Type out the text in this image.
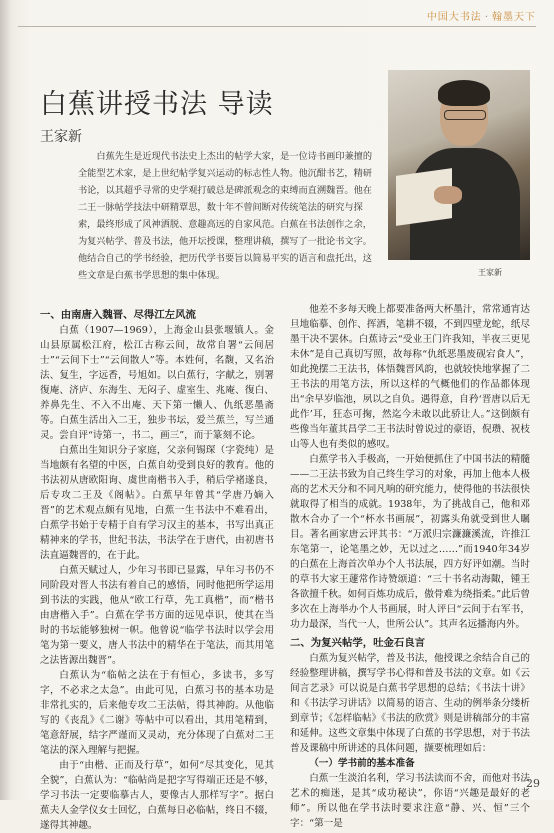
中国大书法 · 翰墨天下
白蕉讲授书法 导读
王家新
王家新

白蕉先生是近现代书法史上杰出的帖学大家，是一位诗书画印兼擅的全能型艺术家，是上世纪帖学复兴运动的标志性人物。他沉酣书艺，精研书论，以其超乎寻常的史学观打破总是碑派观念的束缚而直溯魏晋。他在二王一脉帖学技法中研精覃思，数十年不曾间断对传统笔法的研究与探索，最终形成了风神洒脱、意趣高远的自家风范。白蕉在书法创作之余，为复兴帖学、普及书法，他开坛授课，整理讲稿，撰写了一批论书文字。他结合自己的学书经验，把历代学书要旨以简易平实的语言和盘托出，这些文章是白蕉书学思想的集中体现。

一、由南唐入魏晋、尽得江左风流

白蕉（1907—1969），上海金山县张堰镇人。金山县原属松江府，松江古称云间，故常自署“云间居士”“云间下士”“云间散人”等。本姓何，名馥，又名治法、复生，字远香，号旭如。以白蕉行，字献之，别署復庵、济庐、东海生、无闷子、虚室生、兆庵、復白、养鼻先生、不入不出庵、天下第一懒人、仇纸恶墨斋等。白蕉生活出入二王，独步书坛，爱兰蕉兰，写兰通灵。尝自评“诗第一，书二，画三”，而于篆刻不论。

白蕉出生知识分子家庭，父亲何锡琛（字瓷纯）是当地颇有名望的中医，白蕉自幼受到良好的教育。他的书法初从唐欧阳询、虞世南楷书入手，稍后学褚遂良，后专攻二王及《阁帖》。白蕉早年曾其“学唐乃嫡入晋”的艺术观点颇有见地，白蕉一生书法中不难看出，白蕉学书始于专精于自有学习汉主的基本，书写出真正精神来的学书，世纪书法，书法学在于唐代，由初唐书法直逼魏晋的，在于此。

白蕉天赋过人，少年习书即已显露，早年习书仍不同阶段对晋人书法有着自己的感悟，同时他把所学运用到书法的实践，他从“欧工行草，先工真楷”，而“楷书由唐楷入手”。白蕉在学书方面的远见卓识，使其在当时的书坛能够独树一帜。他曾说“临学书法时以学会用笔为第一要义，唐人书法中的精华在于笔法，而其用笔之法皆源出魏晋”。

白蕉认为“临帖之法在于有恒心，多读书，多写字，不必求之太急”。由此可见，白蕉习书的基本功是非常扎实的，后来他专攻二王法帖，得其神韵。从他临写的《丧乱》《二谢》等帖中可以看出，其用笔精到，笔意舒展，结字严谨而又灵动，充分体现了白蕉对二王笔法的深入理解与把握。

由于“由楷、正而及行草”，如何“尽其变化，见其全貌”，白蕉认为：“临帖尚是把字写得端正还是不够，学习书法一定要临摹古人，要像古人那样写字”。据白蕉夫人金学仪女士回忆，白蕉每日必临帖，终日不辍，遂得其神趣。

他差不多每天晚上都要准备两大杯墨汁，常常通宵达旦地临摹、创作、挥洒，笔耕不辍，不到四壁龙蛇，纸尽墨干决不罢休。白蕉诗云“受业王门许我知，半夜三更见未休”是自己真切写照，故每称“仇纸恶墨废砚宕食人”，如此挽摆二王法书，体悟魏晋风韵，也就较快地掌握了二王书法的用笔方法，所以这样的气概他们的作品都体现出“余早岁临池，夙以之自负。遇得意，自矜‘晋唐以后无此作’耳，狂态可掬，然迄今未敢以此骄让人。”这倒颇有些像当年董其昌学二王书法时曾说过的豪语，倪瓒、祝枝山等人也有类似的感叹。

白蕉学书入手极高，一开始便抓住了中国书法的精髓——二王法书致为自己终生学习的对象，再加上他本人极高的艺术天分和不同凡响的研究能力，使得他的书法很快就取得了相当的成就。1938年，为了挑战自己，他和邓散木合办了一个“杯水书画展”，初露头角就受到世人瞩目。著名画家唐云评其书：“万派归宗濂濂溪流，许推江东笔第一，论笔墨之妙，无以过之……”而1940年34岁的白蕉在上海首次单办个人书法展，四方好评如潮。当时的草书大家王蘧常作诗赞颂道：“三十书名动海陬，锺王各欲擅千秋。如何百炼功成后，傲骨难为绕指柔。”此后曾多次在上海举办个人书画展，时人评曰“云间于右军书，功力最深，当代一人，世所公认”。其声名远播海内外。

二、为复兴帖学，吐金石良言

白蕉为复兴帖学，普及书法，他授课之余结合自己的经验整理讲稿，撰写学书心得和普及书法的文章。如《云间言艺录》可以说是白蕉书学思想的总结；《书法十讲》和《书法学习讲话》以简易的语言、生动的例举条分缕析到章节；《怎样临帖》《书法的欣赏》则是讲稿部分的丰富和延伸。这些文章集中体现了白蕉的书学思想，对于书法普及课稿中所讲述的具体问题，撷要梳理如后：

（一）学书前的基本准备

白蕉一生淡泊名利，学习书法读而不舍，而他对书法艺术的痴迷，是其“成功秘诀”，你语“兴趣是最好的老师”。所以他在学书法时要求注意“静、兴、恒”三个字：“第一是

29
